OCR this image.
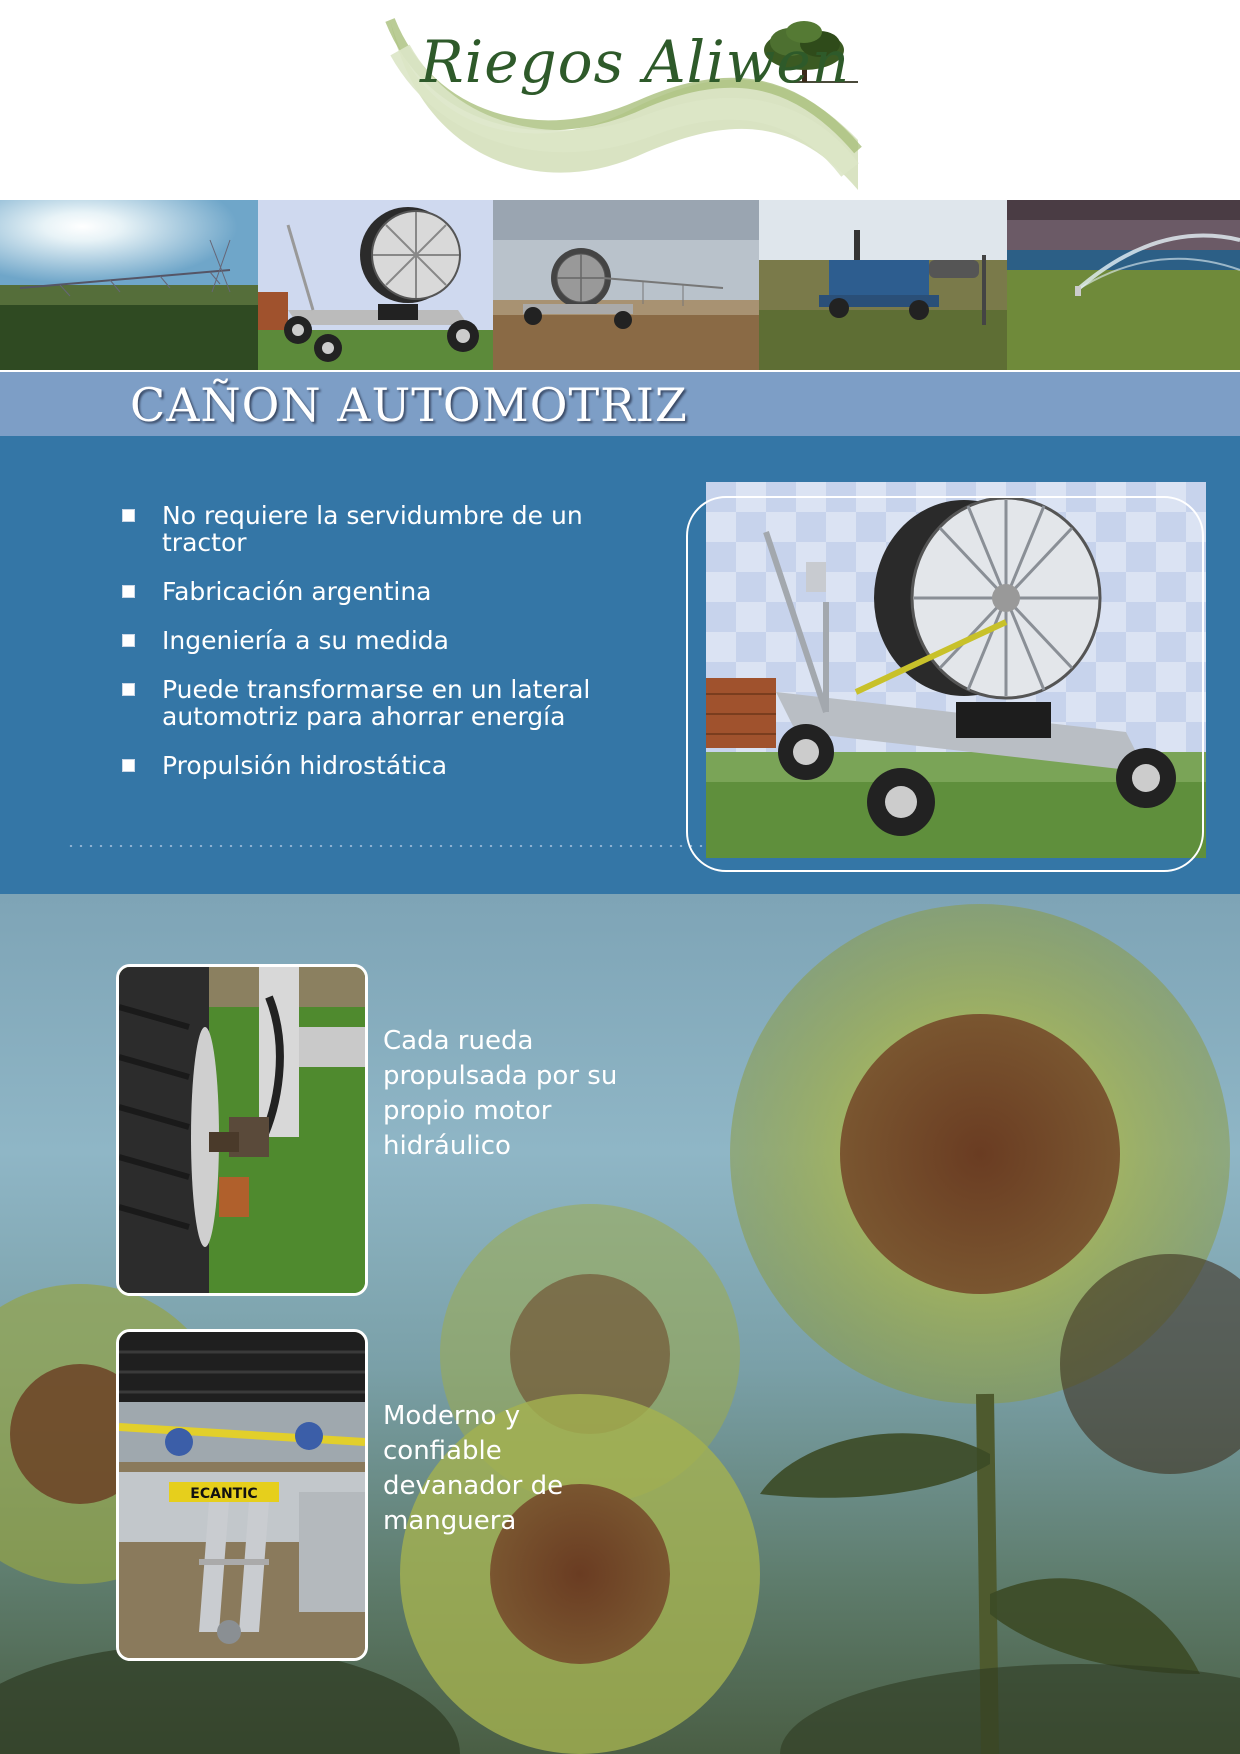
Riegos Aliwen
CAÑON AUTOMOTRIZ
No requiere la servidumbre de un tractor
Fabricación argentina
Ingeniería a su medida
Puede transformarse en un lateral automotriz para ahorrar energía
Propulsión hidrostática
Cada rueda propulsada por su propio motor hidráulico
ECANTIC
Moderno y confiable devanador de manguera
